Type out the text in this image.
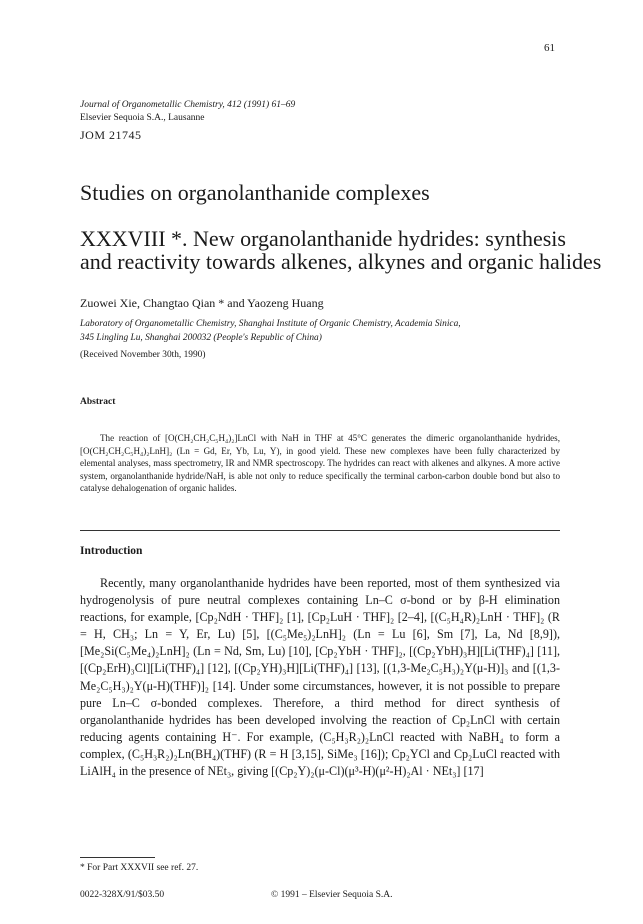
61
Journal of Organometallic Chemistry, 412 (1991) 61–69
Elsevier Sequoia S.A., Lausanne
JOM 21745
Studies on organolanthanide complexes
XXXVIII *. New organolanthanide hydrides: synthesis
and reactivity towards alkenes, alkynes and organic halides
Zuowei Xie, Changtao Qian * and Yaozeng Huang
Laboratory of Organometallic Chemistry, Shanghai Institute of Organic Chemistry, Academia Sinica,
345 Lingling Lu, Shanghai 200032 (People's Republic of China)
(Received November 30th, 1990)
Abstract
The reaction of [O(CH₂CH₂C₅H₄)₂]LnCl with NaH in THF at 45°C generates the dimeric organolanthanide hydrides, [O(CH₂CH₂C₅H₄)₂LnH]₂ (Ln = Gd, Er, Yb, Lu, Y), in good yield. These new complexes have been fully characterized by elemental analyses, mass spectrometry, IR and NMR spectroscopy. The hydrides can react with alkenes and alkynes. A more active system, organolanthanide hydride/NaH, is able not only to reduce specifically the terminal carbon-carbon double bond but also to catalyse dehalogenation of organic halides.
Introduction
Recently, many organolanthanide hydrides have been reported, most of them synthesized via hydrogenolysis of pure neutral complexes containing Ln–C σ-bond or by β-H elimination reactions, for example, [Cp₂NdH · THF]₂ [1], [Cp₂LuH · THF]₂ [2–4], [(C₅H₄R)₂LnH · THF]₂ (R = H, CH₃; Ln = Y, Er, Lu) [5], [(C₅Me₅)₂LnH]₂ (Ln = Lu [6], Sm [7], La, Nd [8,9]), [Me₂Si(C₅Me₄)₂LnH]₂ (Ln = Nd, Sm, Lu) [10], [Cp₂YbH · THF]₂, [(Cp₂YbH)₃H][Li(THF)₄] [11], [(Cp₂ErH)₃Cl][Li(THF)₄] [12], [(Cp₂YH)₃H][Li(THF)₄] [13], [(1,3-Me₂C₅H₃)₂Y(μ-H)]₃ and [(1,3-Me₂C₅H₃)₂Y(μ-H)(THF)]₂ [14]. Under some circumstances, however, it is not possible to prepare pure Ln–C σ-bonded complexes. Therefore, a third method for direct synthesis of organolanthanide hydrides has been developed involving the reaction of Cp₂LnCl with certain reducing agents containing H⁻. For example, (C₅H₃R₂)₂LnCl reacted with NaBH₄ to form a complex, (C₅H₃R₂)₂Ln(BH₄)(THF) (R = H [3,15], SiMe₃ [16]); Cp₂YCl and Cp₂LuCl reacted with LiAlH₄ in the presence of NEt₃, giving [(Cp₂Y)₂(μ-Cl)(μ³-H)(μ²-H)₂Al · NEt₃] [17]
* For Part XXXVII see ref. 27.
0022-328X/91/$03.50	© 1991 – Elsevier Sequoia S.A.
